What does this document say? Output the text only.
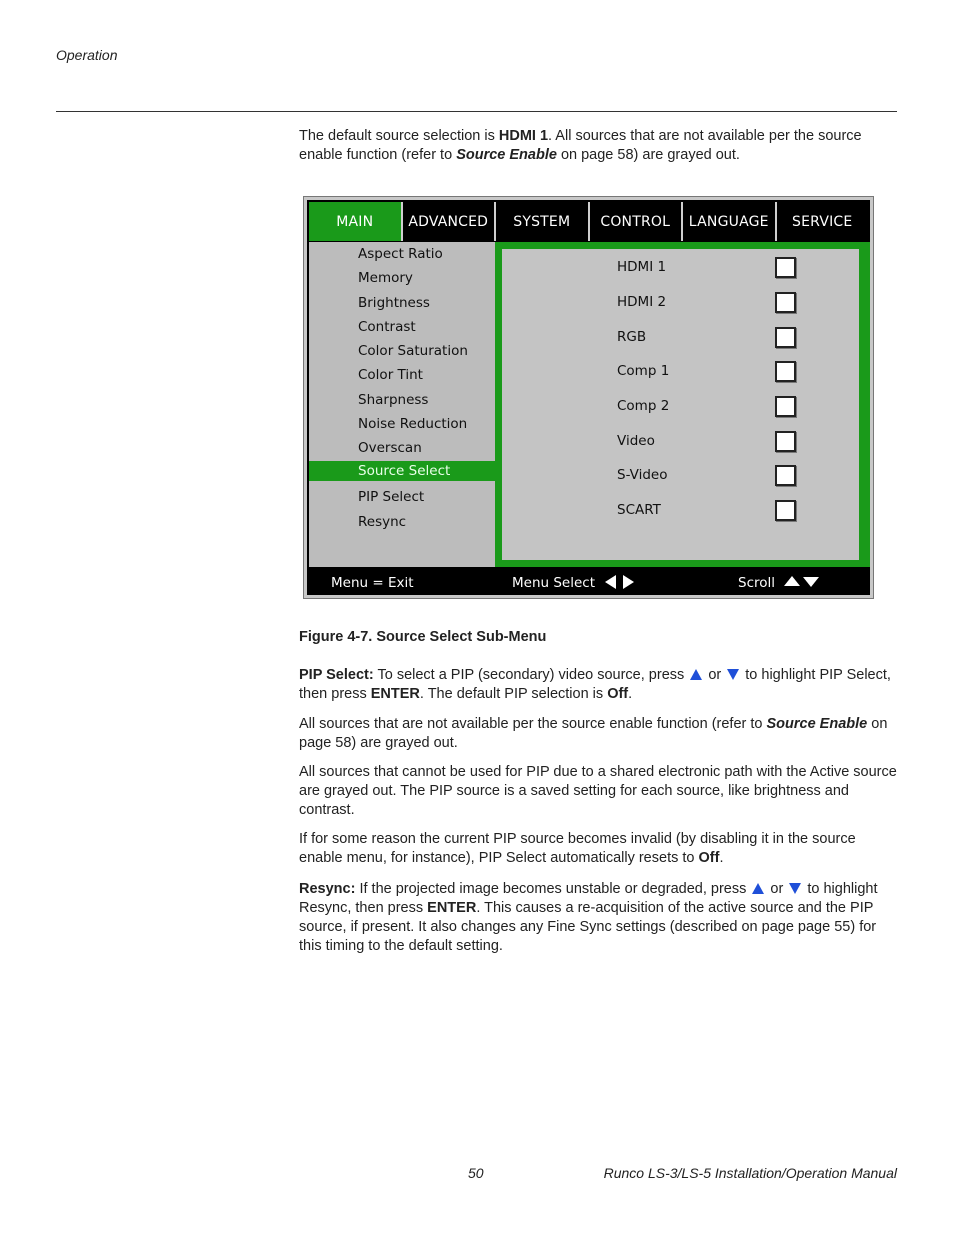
Operation
The default source selection is HDMI 1. All sources that are not available per the source enable function (refer to Source Enable on page 58) are grayed out.
MAIN	ADVANCED	SYSTEM	CONTROL	LANGUAGE	SERVICE
Aspect Ratio
Memory
Brightness
Contrast
Color Saturation
Color Tint
Sharpness
Noise Reduction
Overscan
Source Select
PIP Select
Resync
HDMI 1
HDMI 2
RGB
Comp 1
Comp 2
Video
S-Video
SCART
Menu = Exit	Menu Select	Scroll
Figure 4-7. Source Select Sub-Menu
PIP Select: To select a PIP (secondary) video source, press  or  to highlight PIP Select, then press ENTER. The default PIP selection is Off.
All sources that are not available per the source enable function (refer to Source Enable on page 58) are grayed out.
All sources that cannot be used for PIP due to a shared electronic path with the Active source are grayed out. The PIP source is a saved setting for each source, like brightness and contrast.
If for some reason the current PIP source becomes invalid (by disabling it in the source enable menu, for instance), PIP Select automatically resets to Off.
Resync: If the projected image becomes unstable or degraded, press  or  to highlight Resync, then press ENTER. This causes a re-acquisition of the active source and the PIP source, if present. It also changes any Fine Sync settings (described on page page 55) for this timing to the default setting.
50	Runco LS-3/LS-5 Installation/Operation Manual
